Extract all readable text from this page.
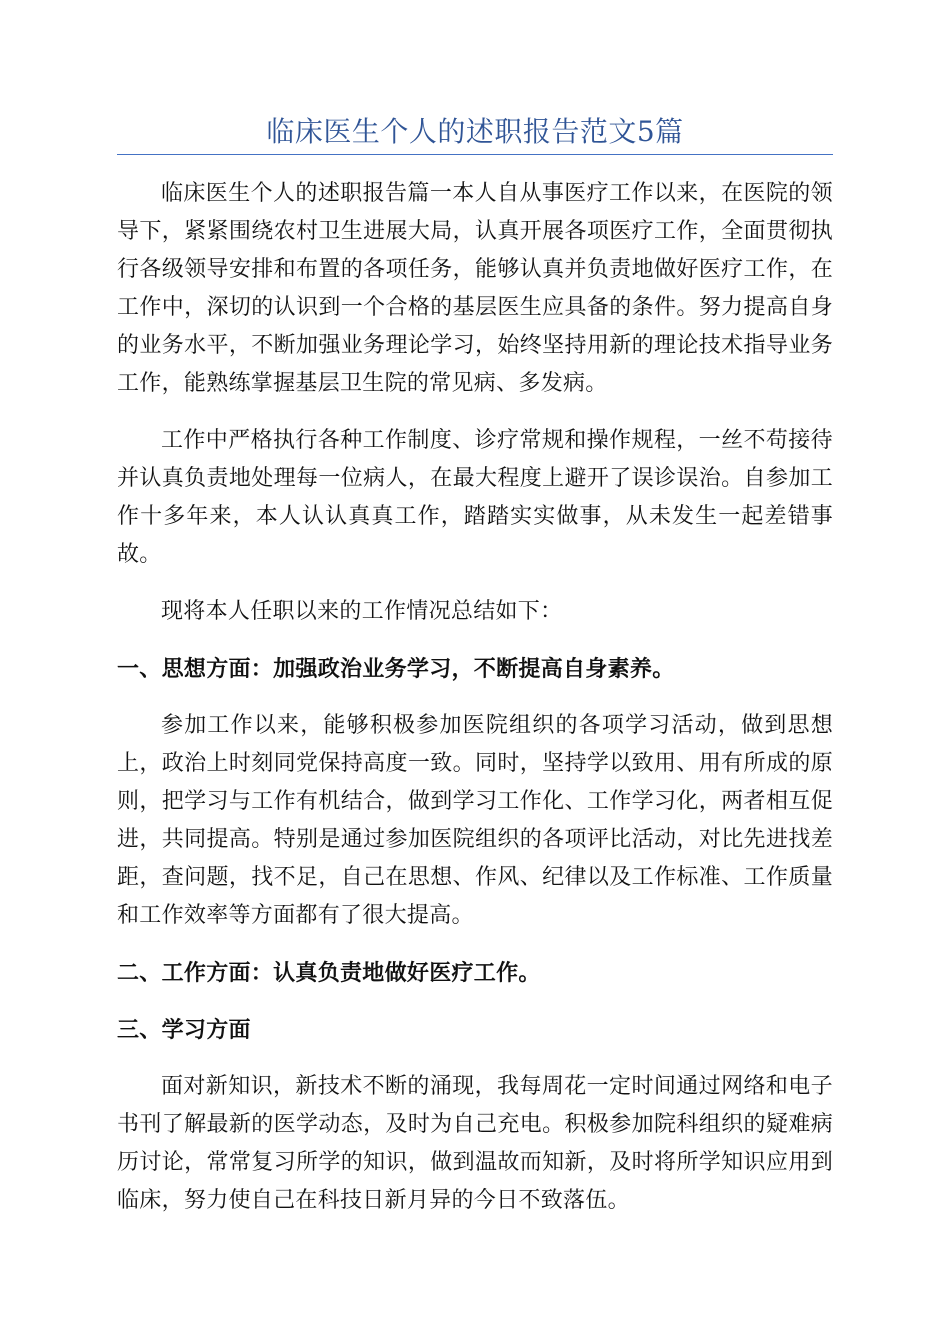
临床医生个人的述职报告范文5篇

临床医生个人的述职报告篇一本人自从事医疗工作以来，在医院的领导下，紧紧围绕农村卫生进展大局，认真开展各项医疗工作，全面贯彻执行各级领导安排和布置的各项任务，能够认真并负责地做好医疗工作，在工作中，深切的认识到一个合格的基层医生应具备的条件。努力提高自身的业务水平，不断加强业务理论学习，始终坚持用新的理论技术指导业务工作，能熟练掌握基层卫生院的常见病、多发病。

工作中严格执行各种工作制度、诊疗常规和操作规程，一丝不苟接待并认真负责地处理每一位病人，在最大程度上避开了误诊误治。自参加工作十多年来，本人认认真真工作，踏踏实实做事，从未发生一起差错事故。

现将本人任职以来的工作情况总结如下：

一、思想方面：加强政治业务学习，不断提高自身素养。

参加工作以来，能够积极参加医院组织的各项学习活动，做到思想上，政治上时刻同党保持高度一致。同时，坚持学以致用、用有所成的原则，把学习与工作有机结合，做到学习工作化、工作学习化，两者相互促进，共同提高。特别是通过参加医院组织的各项评比活动，对比先进找差距，查问题，找不足，自己在思想、作风、纪律以及工作标准、工作质量和工作效率等方面都有了很大提高。

二、工作方面：认真负责地做好医疗工作。

三、学习方面

面对新知识，新技术不断的涌现，我每周花一定时间通过网络和电子书刊了解最新的医学动态，及时为自己充电。积极参加院科组织的疑难病历讨论，常常复习所学的知识，做到温故而知新，及时将所学知识应用到临床，努力使自己在科技日新月异的今日不致落伍。
